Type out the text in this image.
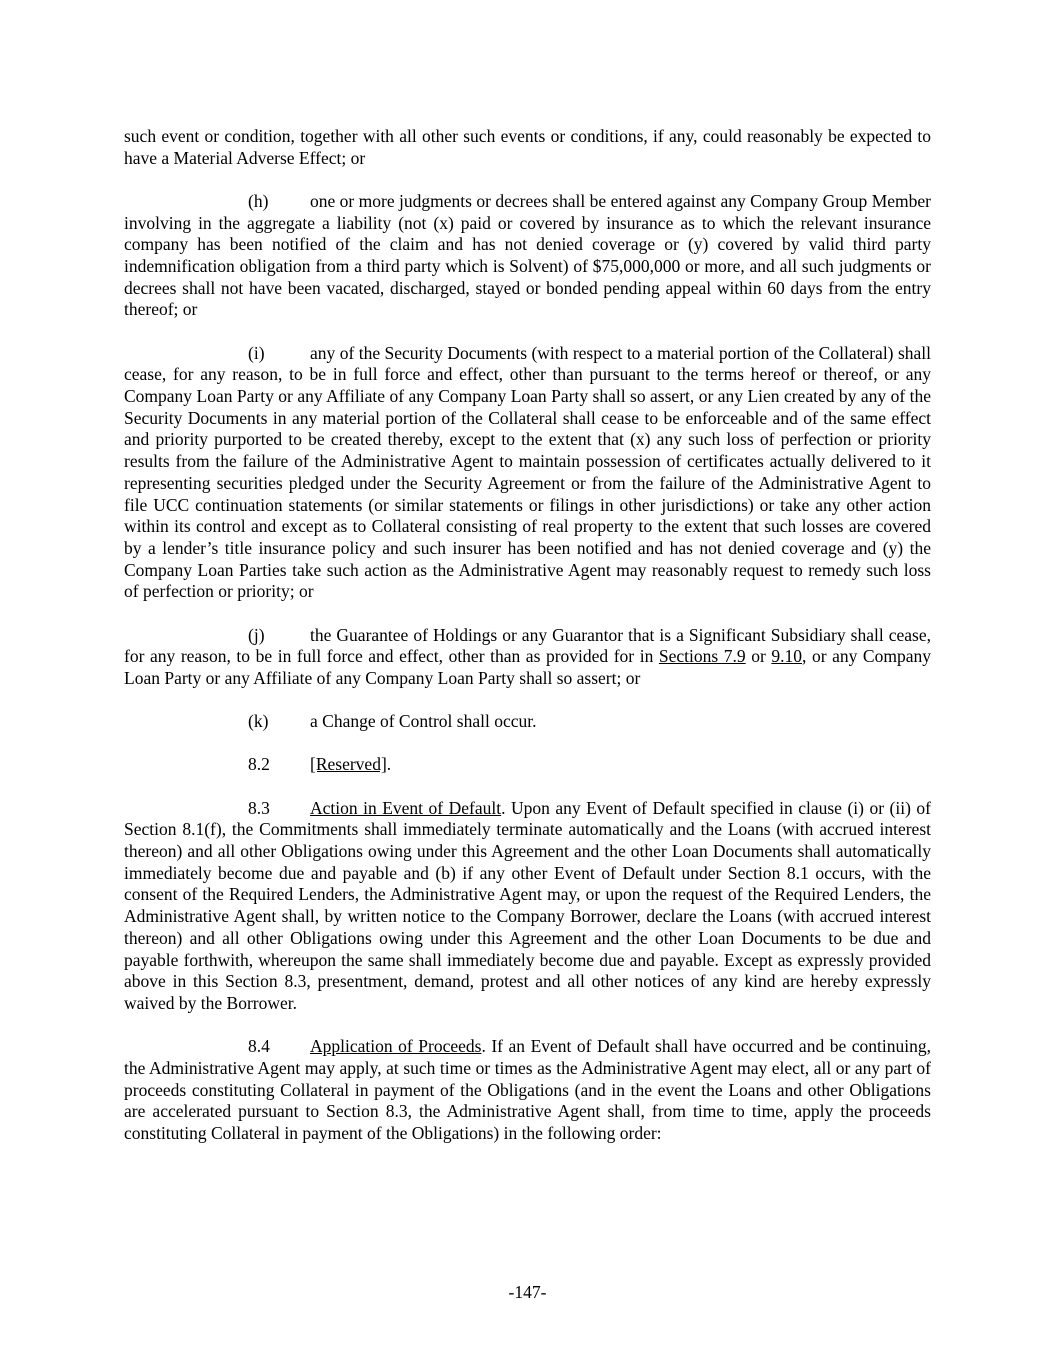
such event or condition, together with all other such events or conditions, if any, could reasonably be expected to have a Material Adverse Effect; or

(h) one or more judgments or decrees shall be entered against any Company Group Member involving in the aggregate a liability (not (x) paid or covered by insurance as to which the relevant insurance company has been notified of the claim and has not denied coverage or (y) covered by valid third party indemnification obligation from a third party which is Solvent) of $75,000,000 or more, and all such judgments or decrees shall not have been vacated, discharged, stayed or bonded pending appeal within 60 days from the entry thereof; or

(i)	any of the Security Documents (with respect to a material portion of the Collateral) shall cease, for any reason, to be in full force and effect, other than pursuant to the terms hereof or thereof, or any Company Loan Party or any Affiliate of any Company Loan Party shall so assert, or any Lien created by any of the Security Documents in any material portion of the Collateral shall cease to be enforceable and of the same effect and priority purported to be created thereby, except to the extent that (x) any such loss of perfection or priority results from the failure of the Administrative Agent to maintain possession of certificates actually delivered to it representing securities pledged under the Security Agreement or from the failure of the Administrative Agent to file UCC continuation statements (or similar statements or filings in other jurisdictions) or take any other action within its control and except as to Collateral consisting of real property to the extent that such losses are covered by a lender’s title insurance policy and such insurer has been notified and has not denied coverage and (y) the Company Loan Parties take such action as the Administrative Agent may reasonably request to remedy such loss of perfection or priority; or

(j)	the Guarantee of Holdings or any Guarantor that is a Significant Subsidiary shall cease, for any reason, to be in full force and effect, other than as provided for in Sections 7.9 or 9.10, or any Company Loan Party or any Affiliate of any Company Loan Party shall so assert; or

(k) a Change of Control shall occur.

8.2 [Reserved].

8.3 Action in Event of Default. Upon any Event of Default specified in clause (i) or (ii) of Section 8.1(f), the Commitments shall immediately terminate automatically and the Loans (with accrued interest thereon) and all other Obligations owing under this Agreement and the other Loan Documents shall automatically immediately become due and payable and (b) if any other Event of Default under Section 8.1 occurs, with the consent of the Required Lenders, the Administrative Agent may, or upon the request of the Required Lenders, the Administrative Agent shall, by written notice to the Company Borrower, declare the Loans (with accrued interest thereon) and all other Obligations owing under this Agreement and the other Loan Documents to be due and payable forthwith, whereupon the same shall immediately become due and payable. Except as expressly provided above in this Section 8.3, presentment, demand, protest and all other notices of any kind are hereby expressly waived by the Borrower.

8.4 Application of Proceeds. If an Event of Default shall have occurred and be continuing, the Administrative Agent may apply, at such time or times as the Administrative Agent may elect, all or any part of proceeds constituting Collateral in payment of the Obligations (and in the event the Loans and other Obligations are accelerated pursuant to Section 8.3, the Administrative Agent shall, from time to time, apply the proceeds constituting Collateral in payment of the Obligations) in the following order:

-147-
